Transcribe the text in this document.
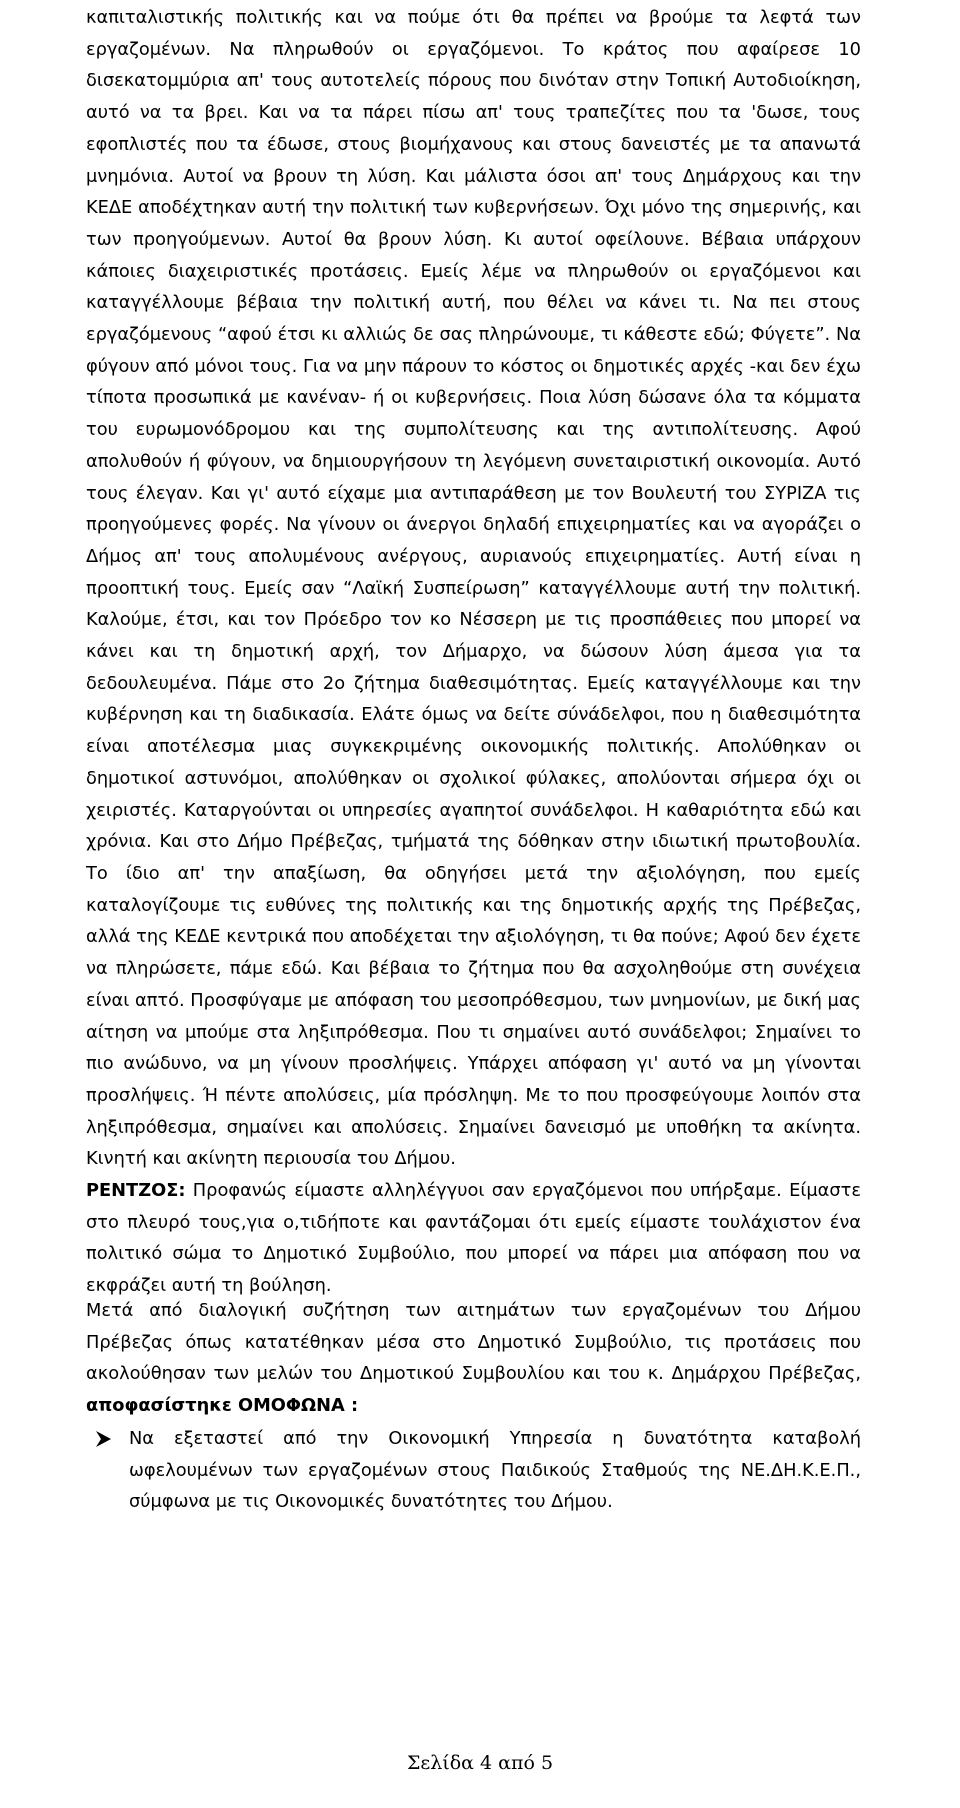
καπιταλιστικής πολιτικής και να πούμε ότι θα πρέπει να βρούμε τα λεφτά των εργαζομένων. Να πληρωθούν οι εργαζόμενοι. Το κράτος που αφαίρεσε 10 δισεκατομμύρια απ' τους αυτοτελείς πόρους που δινόταν στην Τοπική Αυτοδιοίκηση, αυτό να τα βρει. Και να τα πάρει πίσω απ' τους τραπεζίτες που τα 'δωσε, τους εφοπλιστές που τα έδωσε, στους βιομήχανους και στους δανειστές με τα απανωτά μνημόνια. Αυτοί να βρουν τη λύση. Και μάλιστα όσοι απ' τους Δημάρχους και την ΚΕΔΕ αποδέχτηκαν αυτή την πολιτική των κυβερνήσεων. Όχι μόνο της σημερινής, και των προηγούμενων. Αυτοί θα βρουν λύση. Κι αυτοί οφείλουνε. Βέβαια υπάρχουν κάποιες διαχειριστικές προτάσεις. Εμείς λέμε να πληρωθούν οι εργαζόμενοι και καταγγέλλουμε βέβαια την πολιτική αυτή, που θέλει να κάνει τι. Να πει στους εργαζόμενους “αφού έτσι κι αλλιώς δε σας πληρώνουμε, τι κάθεστε εδώ; Φύγετε”. Να φύγουν από μόνοι τους. Για να μην πάρουν το κόστος οι δημοτικές αρχές -και δεν έχω τίποτα προσωπικά με κανέναν- ή οι κυβερνήσεις. Ποια λύση δώσανε όλα τα κόμματα του ευρωμονόδρομου και της συμπολίτευσης και της αντιπολίτευσης. Αφού απολυθούν ή φύγουν, να δημιουργήσουν τη λεγόμενη συνεταιριστική οικονομία. Αυτό τους έλεγαν. Και γι' αυτό είχαμε μια αντιπαράθεση με τον Βουλευτή του ΣΥΡΙΖΑ τις προηγούμενες φορές. Να γίνουν οι άνεργοι δηλαδή επιχειρηματίες και να αγοράζει ο Δήμος απ' τους απολυμένους ανέργους, αυριανούς επιχειρηματίες. Αυτή είναι η προοπτική τους. Εμείς σαν “Λαϊκή Συσπείρωση” καταγγέλλουμε αυτή την πολιτική. Καλούμε, έτσι, και τον Πρόεδρο τον κο Νέσσερη με τις προσπάθειες που μπορεί να κάνει και τη δημοτική αρχή, τον Δήμαρχο, να δώσουν λύση άμεσα για τα δεδουλευμένα. Πάμε στο 2ο ζήτημα διαθεσιμότητας. Εμείς καταγγέλλουμε και την κυβέρνηση και τη διαδικασία. Ελάτε όμως να δείτε σύνάδελφοι, που η διαθεσιμότητα είναι αποτέλεσμα μιας συγκεκριμένης οικονομικής πολιτικής. Απολύθηκαν οι δημοτικοί αστυνόμοι, απολύθηκαν οι σχολικοί φύλακες, απολύονται σήμερα όχι οι χειριστές. Καταργούνται οι υπηρεσίες αγαπητοί συνάδελφοι. Η καθαριότητα εδώ και χρόνια. Και στο Δήμο Πρέβεζας, τμήματά της δόθηκαν στην ιδιωτική πρωτοβουλία. Το ίδιο απ' την απαξίωση, θα οδηγήσει μετά την αξιολόγηση, που εμείς καταλογίζουμε τις ευθύνες της πολιτικής και της δημοτικής αρχής της Πρέβεζας, αλλά της ΚΕΔΕ κεντρικά που αποδέχεται την αξιολόγηση, τι θα πούνε; Αφού δεν έχετε να πληρώσετε, πάμε εδώ. Και βέβαια το ζήτημα που θα ασχοληθούμε στη συνέχεια είναι απτό. Προσφύγαμε με απόφαση του μεσοπρόθεσμου, των μνημονίων, με δική μας αίτηση να μπούμε στα ληξιπρόθεσμα. Που τι σημαίνει αυτό συνάδελφοι; Σημαίνει το πιο ανώδυνο, να μη γίνουν προσλήψεις. Υπάρχει απόφαση γι' αυτό να μη γίνονται προσλήψεις. Ή πέντε απολύσεις, μία πρόσληψη. Με το που προσφεύγουμε λοιπόν στα ληξιπρόθεσμα, σημαίνει και απολύσεις. Σημαίνει δανεισμό με υποθήκη τα ακίνητα. Κινητή και ακίνητη περιουσία του Δήμου.
ΡΕΝΤΖΟΣ: Προφανώς είμαστε αλληλέγγυοι σαν εργαζόμενοι που υπήρξαμε. Είμαστε στο πλευρό τους,για ο,τιδήποτε και φαντάζομαι ότι εμείς είμαστε τουλάχιστον ένα πολιτικό σώμα το Δημοτικό Συμβούλιο, που μπορεί να πάρει μια απόφαση που να εκφράζει αυτή τη βούληση.

Μετά από διαλογική συζήτηση των αιτημάτων των εργαζομένων του Δήμου Πρέβεζας όπως κατατέθηκαν μέσα στο Δημοτικό Συμβούλιο, τις προτάσεις που ακολούθησαν των μελών του Δημοτικού Συμβουλίου και του κ. Δημάρχου Πρέβεζας, αποφασίστηκε ΟΜΟΦΩΝΑ :

Να εξεταστεί από την Οικονομική Υπηρεσία η δυνατότητα καταβολή ωφελουμένων των εργαζομένων στους Παιδικούς Σταθμούς της ΝΕ.ΔΗ.Κ.Ε.Π., σύμφωνα με τις Οικονομικές δυνατότητες του Δήμου.

Σελίδα 4 από 5
